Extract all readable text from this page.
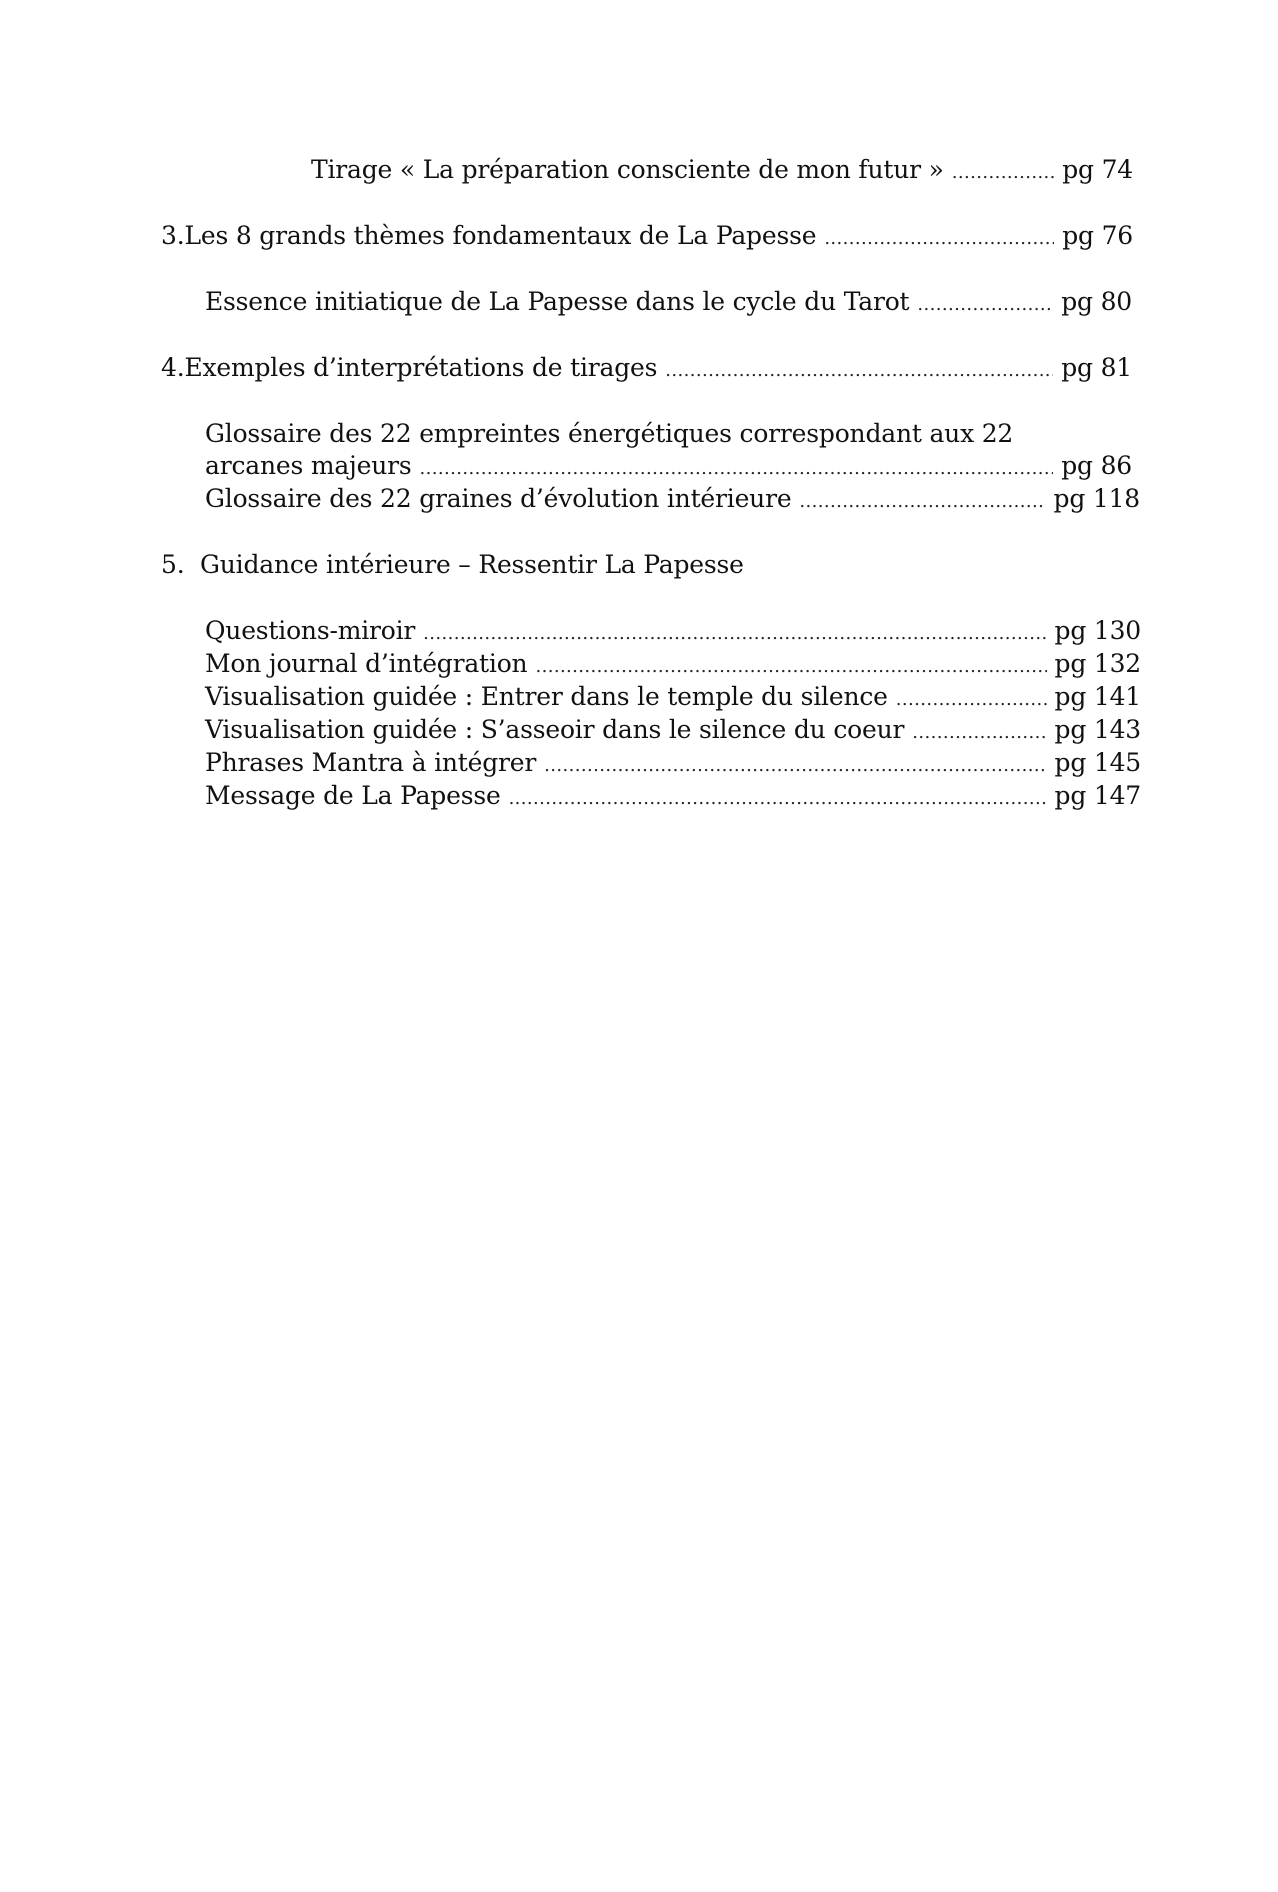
Tirage « La préparation consciente de mon futur » .....	pg 74
3. Les 8 grands thèmes fondamentaux de La Papesse .....	pg 76
Essence initiatique de La Papesse dans le cycle du Tarot .....	pg 80
4. Exemples d’interprétations de tirages .....	pg 81
Glossaire des 22 empreintes énergétiques correspondant aux 22
arcanes majeurs .....	pg 86
Glossaire des 22 graines d’évolution intérieure .....	pg 118
5. Guidance intérieure – Ressentir La Papesse
Questions-miroir .....	pg 130
Mon journal d’intégration .....	pg 132
Visualisation guidée : Entrer dans le temple du silence .....	pg 141
Visualisation guidée : S’asseoir dans le silence du coeur .....	pg 143
Phrases Mantra à intégrer .....	pg 145
Message de La Papesse .....	pg 147
